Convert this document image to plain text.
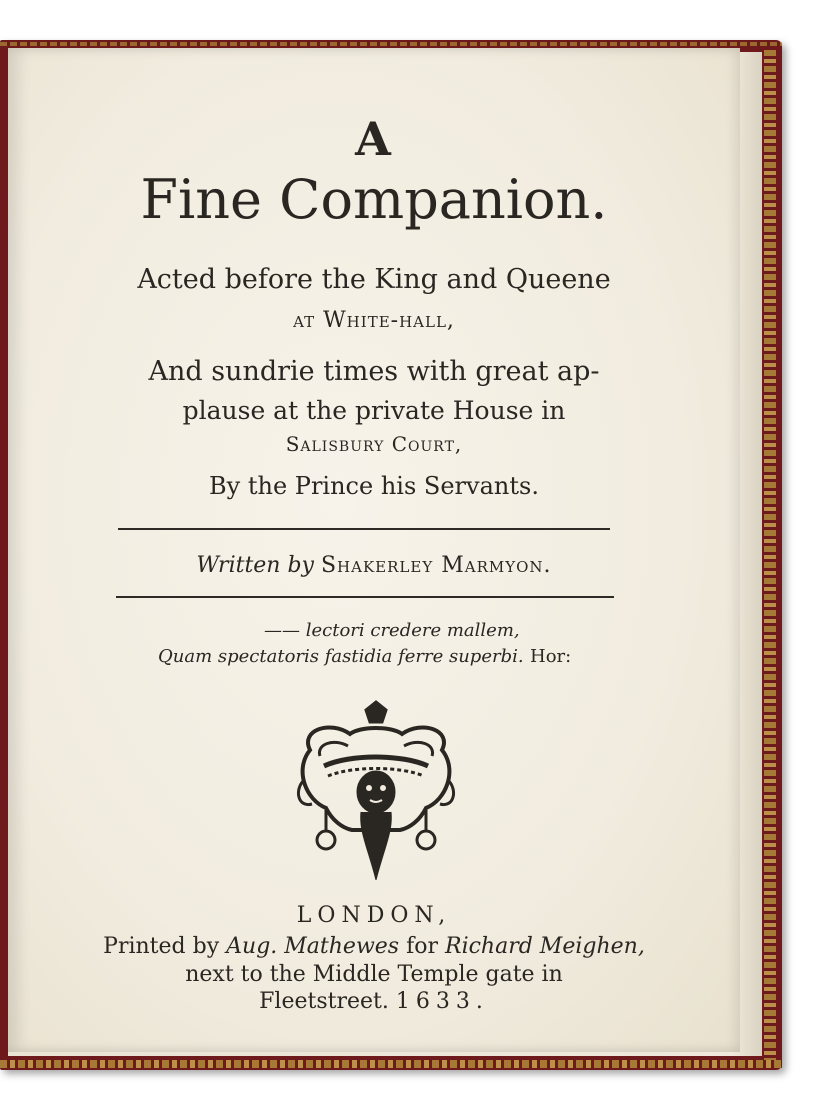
A

Fine Companion.

Acted before the King and Queene

at White-hall,

And sundrie times with great ap-

plause at the private House in

Salisbury Court,

By the Prince his Servants.

Written by Shakerley Marmyon.

—— lectori credere mallem,

Quam spectatoris fastidia ferre superbi. Hor:

LONDON,

Printed by Aug. Mathewes for Richard Meighen,

next to the Middle Temple gate in

Fleetstreet. 1633.
